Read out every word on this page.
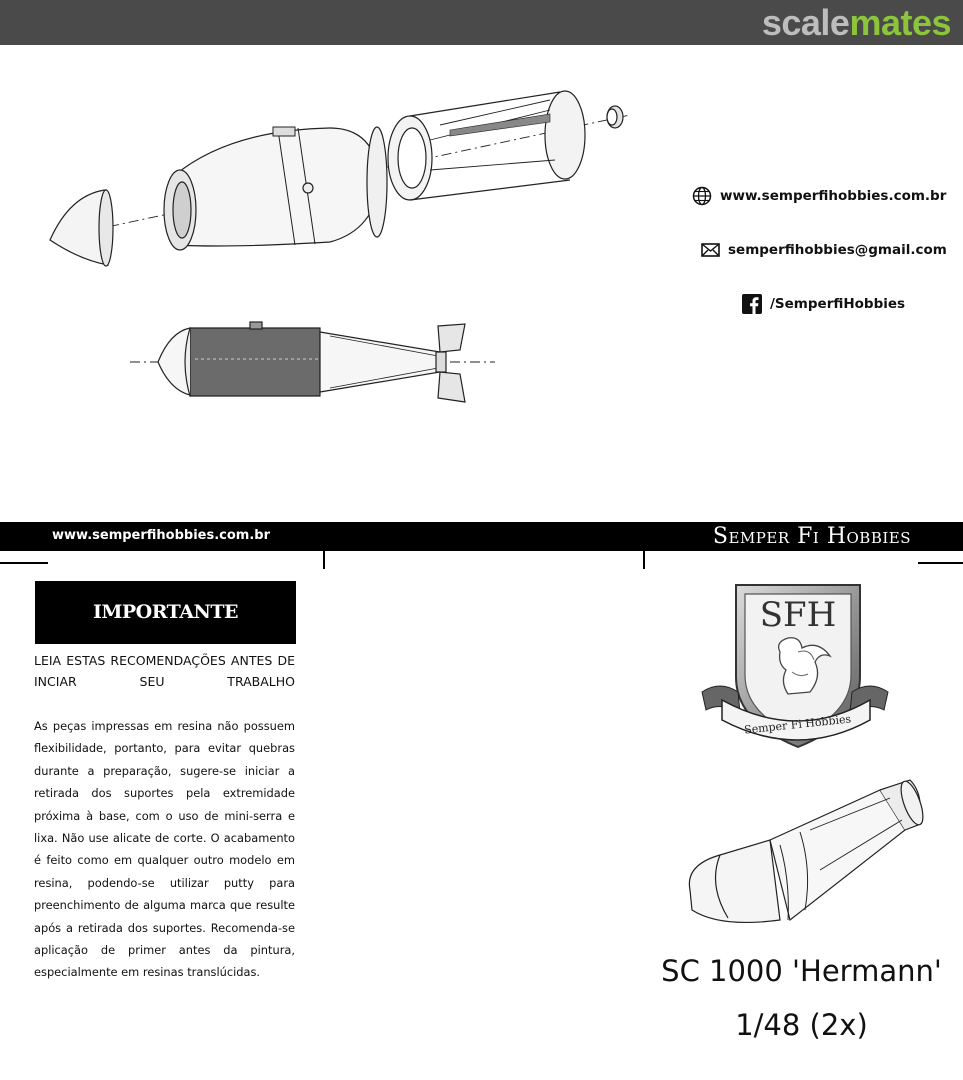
scalemates
www.semperfihobbies.com.br
semperfihobbies@gmail.com
/SemperfiHobbies
www.semperfihobbies.com.br	Semper Fi Hobbies
IMPORTANTE
LEIA ESTAS RECOMENDAÇÕES ANTES DE INCIAR SEU TRABALHO
As peças impressas em resina não possuem flexibilidade, portanto, para evitar quebras durante a preparação, sugere-se iniciar a retirada dos suportes pela extremidade próxima à base, com o uso de mini-serra e lixa. Não use alicate de corte. O acabamento é feito como em qualquer outro modelo em resina, podendo-se utilizar putty para preenchimento de alguma marca que resulte após a retirada dos suportes. Recomenda-se aplicação de primer antes da pintura, especialmente em resinas translúcidas.
SFH
Semper Fi Hobbies
SC 1000 'Hermann'
1/48 (2x)
